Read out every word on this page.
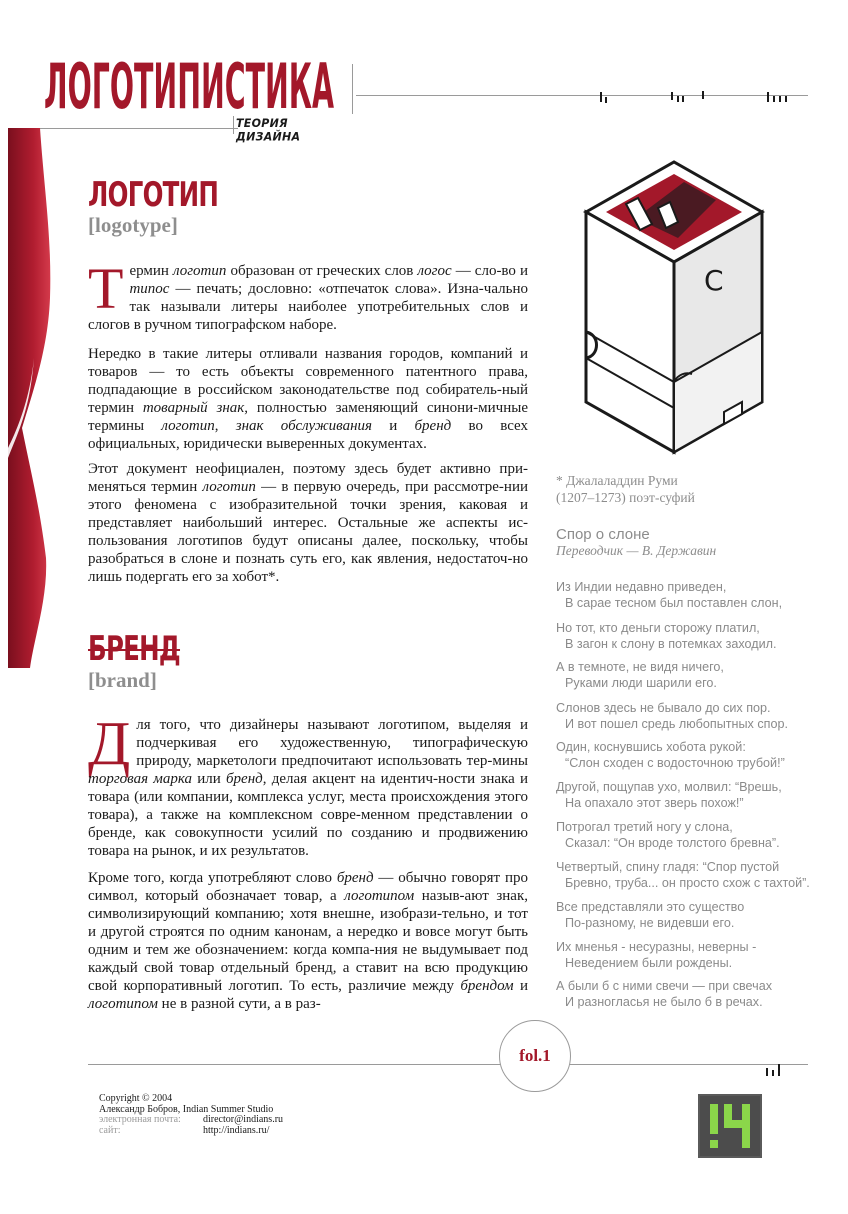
ЛОГОТИПИСТИКА
ТЕОРИЯ ДИЗАЙНА
ЛОГОТИП
[logotype]
Термин логотип образован от греческих слов логос — сло-во и типос — печать; дословно: «отпечаток слова». Изна-чально так называли литеры наиболее употребительных слов и слогов в ручном типографском наборе.
Нередко в такие литеры отливали названия городов, компаний и товаров — то есть объекты современного патентного права, подпадающие в российском законодательстве под собиратель-ный термин товарный знак, полностью заменяющий синони-мичные термины логотип, знак обслуживания и бренд во всех официальных, юридически выверенных документах.
Этот документ неофициален, поэтому здесь будет активно при-меняться термин логотип — в первую очередь, при рассмотре-нии этого феномена с изобразительной точки зрения, каковая и представляет наибольший интерес. Остальные же аспекты ис-пользования логотипов будут описаны далее, поскольку, чтобы разобраться в слоне и познать суть его, как явления, недостаточ-но лишь подергать его за хобот*.
БРЕНД
[brand]
Для того, что дизайнеры называют логотипом, выделяя и подчеркивая его художественную, типографическую природу, маркетологи предпочитают использовать тер-мины торговая марка или бренд, делая акцент на идентич-ности знака и товара (или компании, комплекса услуг, места происхождения этого товара), а также на комплексном совре-менном представлении о бренде, как совокупности усилий по созданию и продвижению товара на рынок, и их результатов.
Кроме того, когда употребляют слово бренд — обычно говорят про символ, который обозначает товар, а логотипом назыв-ают знак, символизирующий компанию; хотя внешне, изобрази-тельно, и тот и другой строятся по одним канонам, а нередко и вовсе могут быть одним и тем же обозначением: когда компа-ния не выдумывает под каждый свой товар отдельный бренд, а ставит на всю продукцию свой корпоративный логотип. То есть, различие между брендом и логотипом не в разной сути, а в раз-
С
* Джалаладдин Руми
(1207–1273) поэт-суфий
Спор о слоне
Переводчик — В. Державин
Из Индии недавно приведен,
В сарае тесном был поставлен слон,
Но тот, кто деньги сторожу платил,
В загон к слону в потемках заходил.
А в темноте, не видя ничего,
Руками люди шарили его.
Слонов здесь не бывало до сих пор.
И вот пошел средь любопытных спор.
Один, коснувшись хобота рукой:
“Слон сходен с водосточною трубой!”
Другой, пощупав ухо, молвил: “Врешь,
На опахало этот зверь похож!”
Потрогал третий ногу у слона,
Сказал: “Он вроде толстого бревна”.
Четвертый, спину гладя: “Спор пустой
Бревно, труба... он просто схож с тахтой”.
Все представляли это существо
По-разному, не видевши его.
Их мненья - несуразны, неверны -
Неведением были рождены.
А были б с ними свечи — при свечах
И разногласья не было б в речах.
fol.1
Copyright © 2004
Александр Бобров, Indian Summer Studio
электронная почта: director@indians.ru
сайт:	http://indians.ru/
